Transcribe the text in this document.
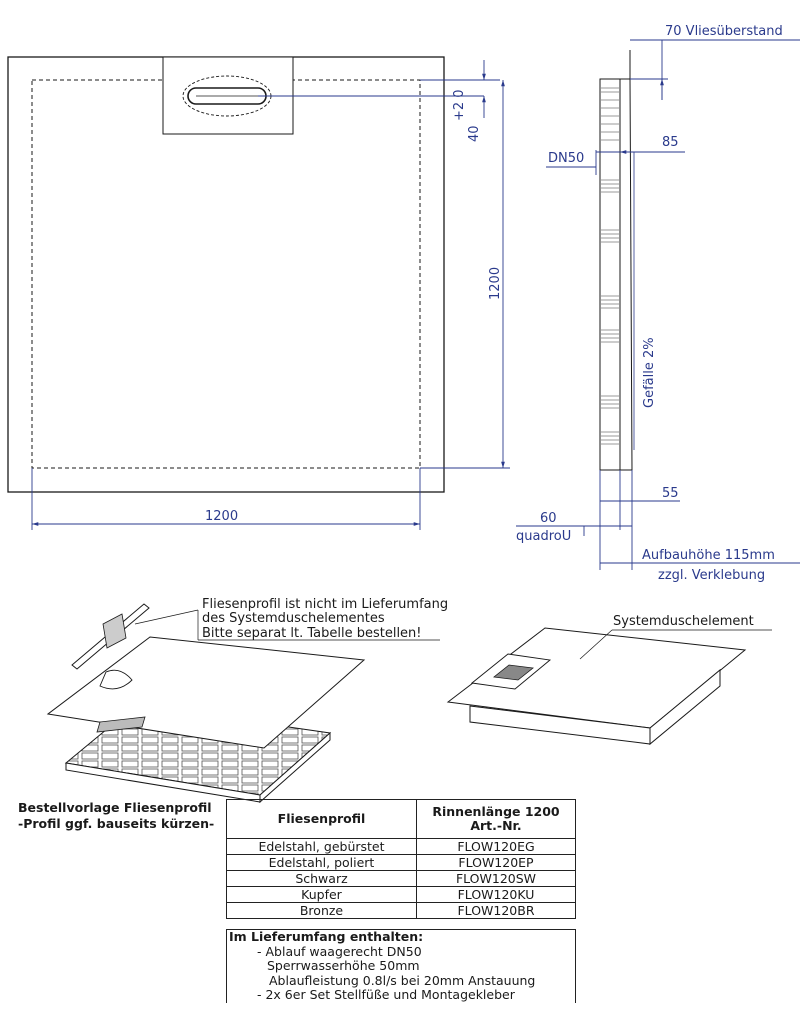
+2 0
40
1200
1200
70 Vliesüberstand
DN50
85
Gefälle 2%
55
60
quadroU
Aufbauhöhe 115mm
zzgl. Verklebung
Fliesenprofil ist nicht im Lieferumfang
des Systemduschelementes
Bitte separat lt. Tabelle bestellen!
Systemduschelement
Bestellvorlage Fliesenprofil
-Profil ggf. bauseits kürzen-	Fliesenprofil	Rinnenlänge 1200
Art.-Nr.

Edelstahl, gebürstet	FLOW120EG
Edelstahl, poliert	FLOW120EP
Schwarz	FLOW120SW
Kupfer	FLOW120KU
Bronze	FLOW120BR
Im Lieferumfang enthalten:
- Ablauf waagerecht DN50
Sperrwasserhöhe 50mm
Ablaufleistung 0.8l/s bei 20mm Anstauung
- 2x 6er Set Stellfüße und Montagekleber
